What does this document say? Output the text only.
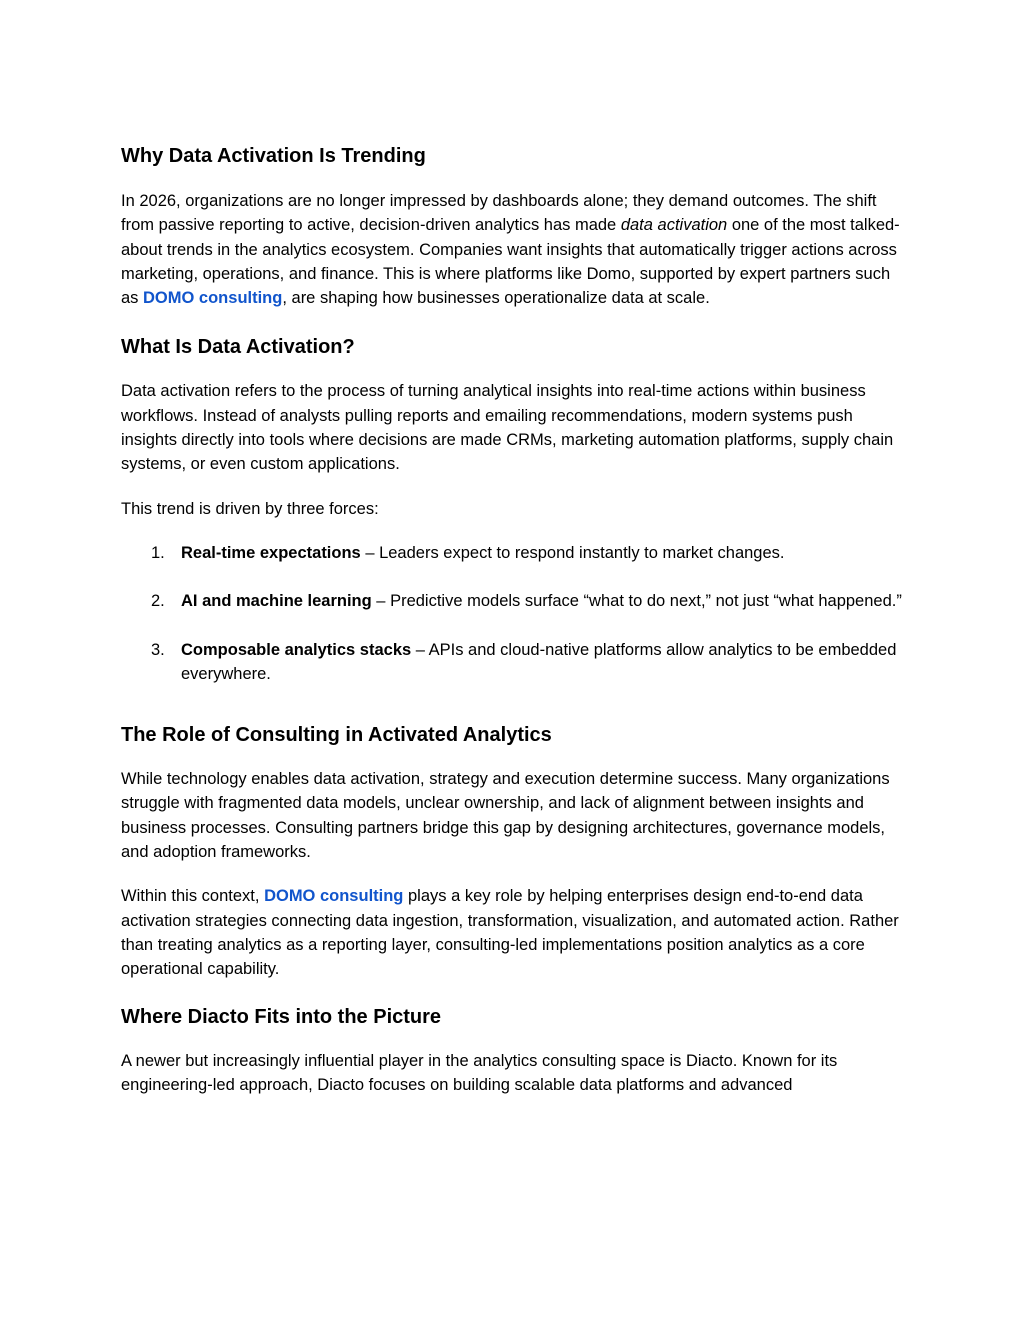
Why Data Activation Is Trending

In 2026, organizations are no longer impressed by dashboards alone; they demand outcomes. The shift from passive reporting to active, decision-driven analytics has made data activation one of the most talked-about trends in the analytics ecosystem. Companies want insights that automatically trigger actions across marketing, operations, and finance. This is where platforms like Domo, supported by expert partners such as DOMO consulting, are shaping how businesses operationalize data at scale.

What Is Data Activation?

Data activation refers to the process of turning analytical insights into real-time actions within business workflows. Instead of analysts pulling reports and emailing recommendations, modern systems push insights directly into tools where decisions are made CRMs, marketing automation platforms, supply chain systems, or even custom applications.

This trend is driven by three forces:

1. Real-time expectations – Leaders expect to respond instantly to market changes.
2. AI and machine learning – Predictive models surface “what to do next,” not just “what happened.”
3. Composable analytics stacks – APIs and cloud-native platforms allow analytics to be embedded everywhere.
The Role of Consulting in Activated Analytics

While technology enables data activation, strategy and execution determine success. Many organizations struggle with fragmented data models, unclear ownership, and lack of alignment between insights and business processes. Consulting partners bridge this gap by designing architectures, governance models, and adoption frameworks.

Within this context, DOMO consulting plays a key role by helping enterprises design end-to-end data activation strategies connecting data ingestion, transformation, visualization, and automated action. Rather than treating analytics as a reporting layer, consulting-led implementations position analytics as a core operational capability.

Where Diacto Fits into the Picture

A newer but increasingly influential player in the analytics consulting space is Diacto. Known for its engineering-led approach, Diacto focuses on building scalable data platforms and advanced
